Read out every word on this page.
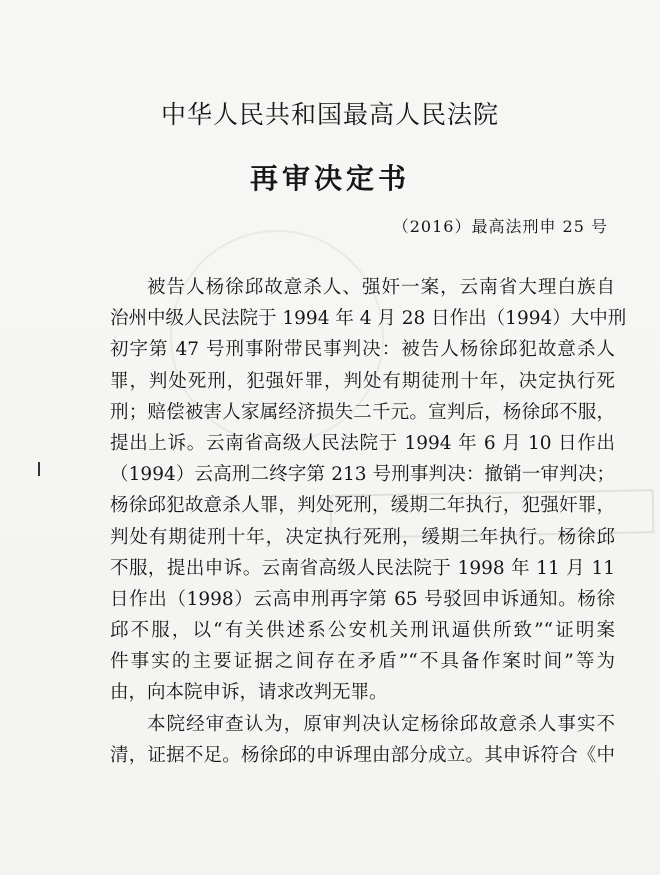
中华人民共和国最高人民法院
再审决定书
（2016）最高法刑申 25 号
被告人杨徐邱故意杀人、强奸一案，云南省大理白族自
治州中级人民法院于 1994 年 4 月 28 日作出（1994）大中刑
初字第 47 号刑事附带民事判决：被告人杨徐邱犯故意杀人
罪，判处死刑，犯强奸罪，判处有期徒刑十年，决定执行死
刑；赔偿被害人家属经济损失二千元。宣判后，杨徐邱不服，
提出上诉。云南省高级人民法院于 1994 年 6 月 10 日作出
（1994）云高刑二终字第 213 号刑事判决：撤销一审判决；
杨徐邱犯故意杀人罪，判处死刑，缓期二年执行，犯强奸罪，
判处有期徒刑十年，决定执行死刑，缓期二年执行。杨徐邱
不服，提出申诉。云南省高级人民法院于 1998 年 11 月 11
日作出（1998）云高申刑再字第 65 号驳回申诉通知。杨徐
邱不服，以“有关供述系公安机关刑讯逼供所致”“证明案
件事实的主要证据之间存在矛盾”“不具备作案时间”等为
由，向本院申诉，请求改判无罪。
本院经审查认为，原审判决认定杨徐邱故意杀人事实不
清，证据不足。杨徐邱的申诉理由部分成立。其申诉符合《中
